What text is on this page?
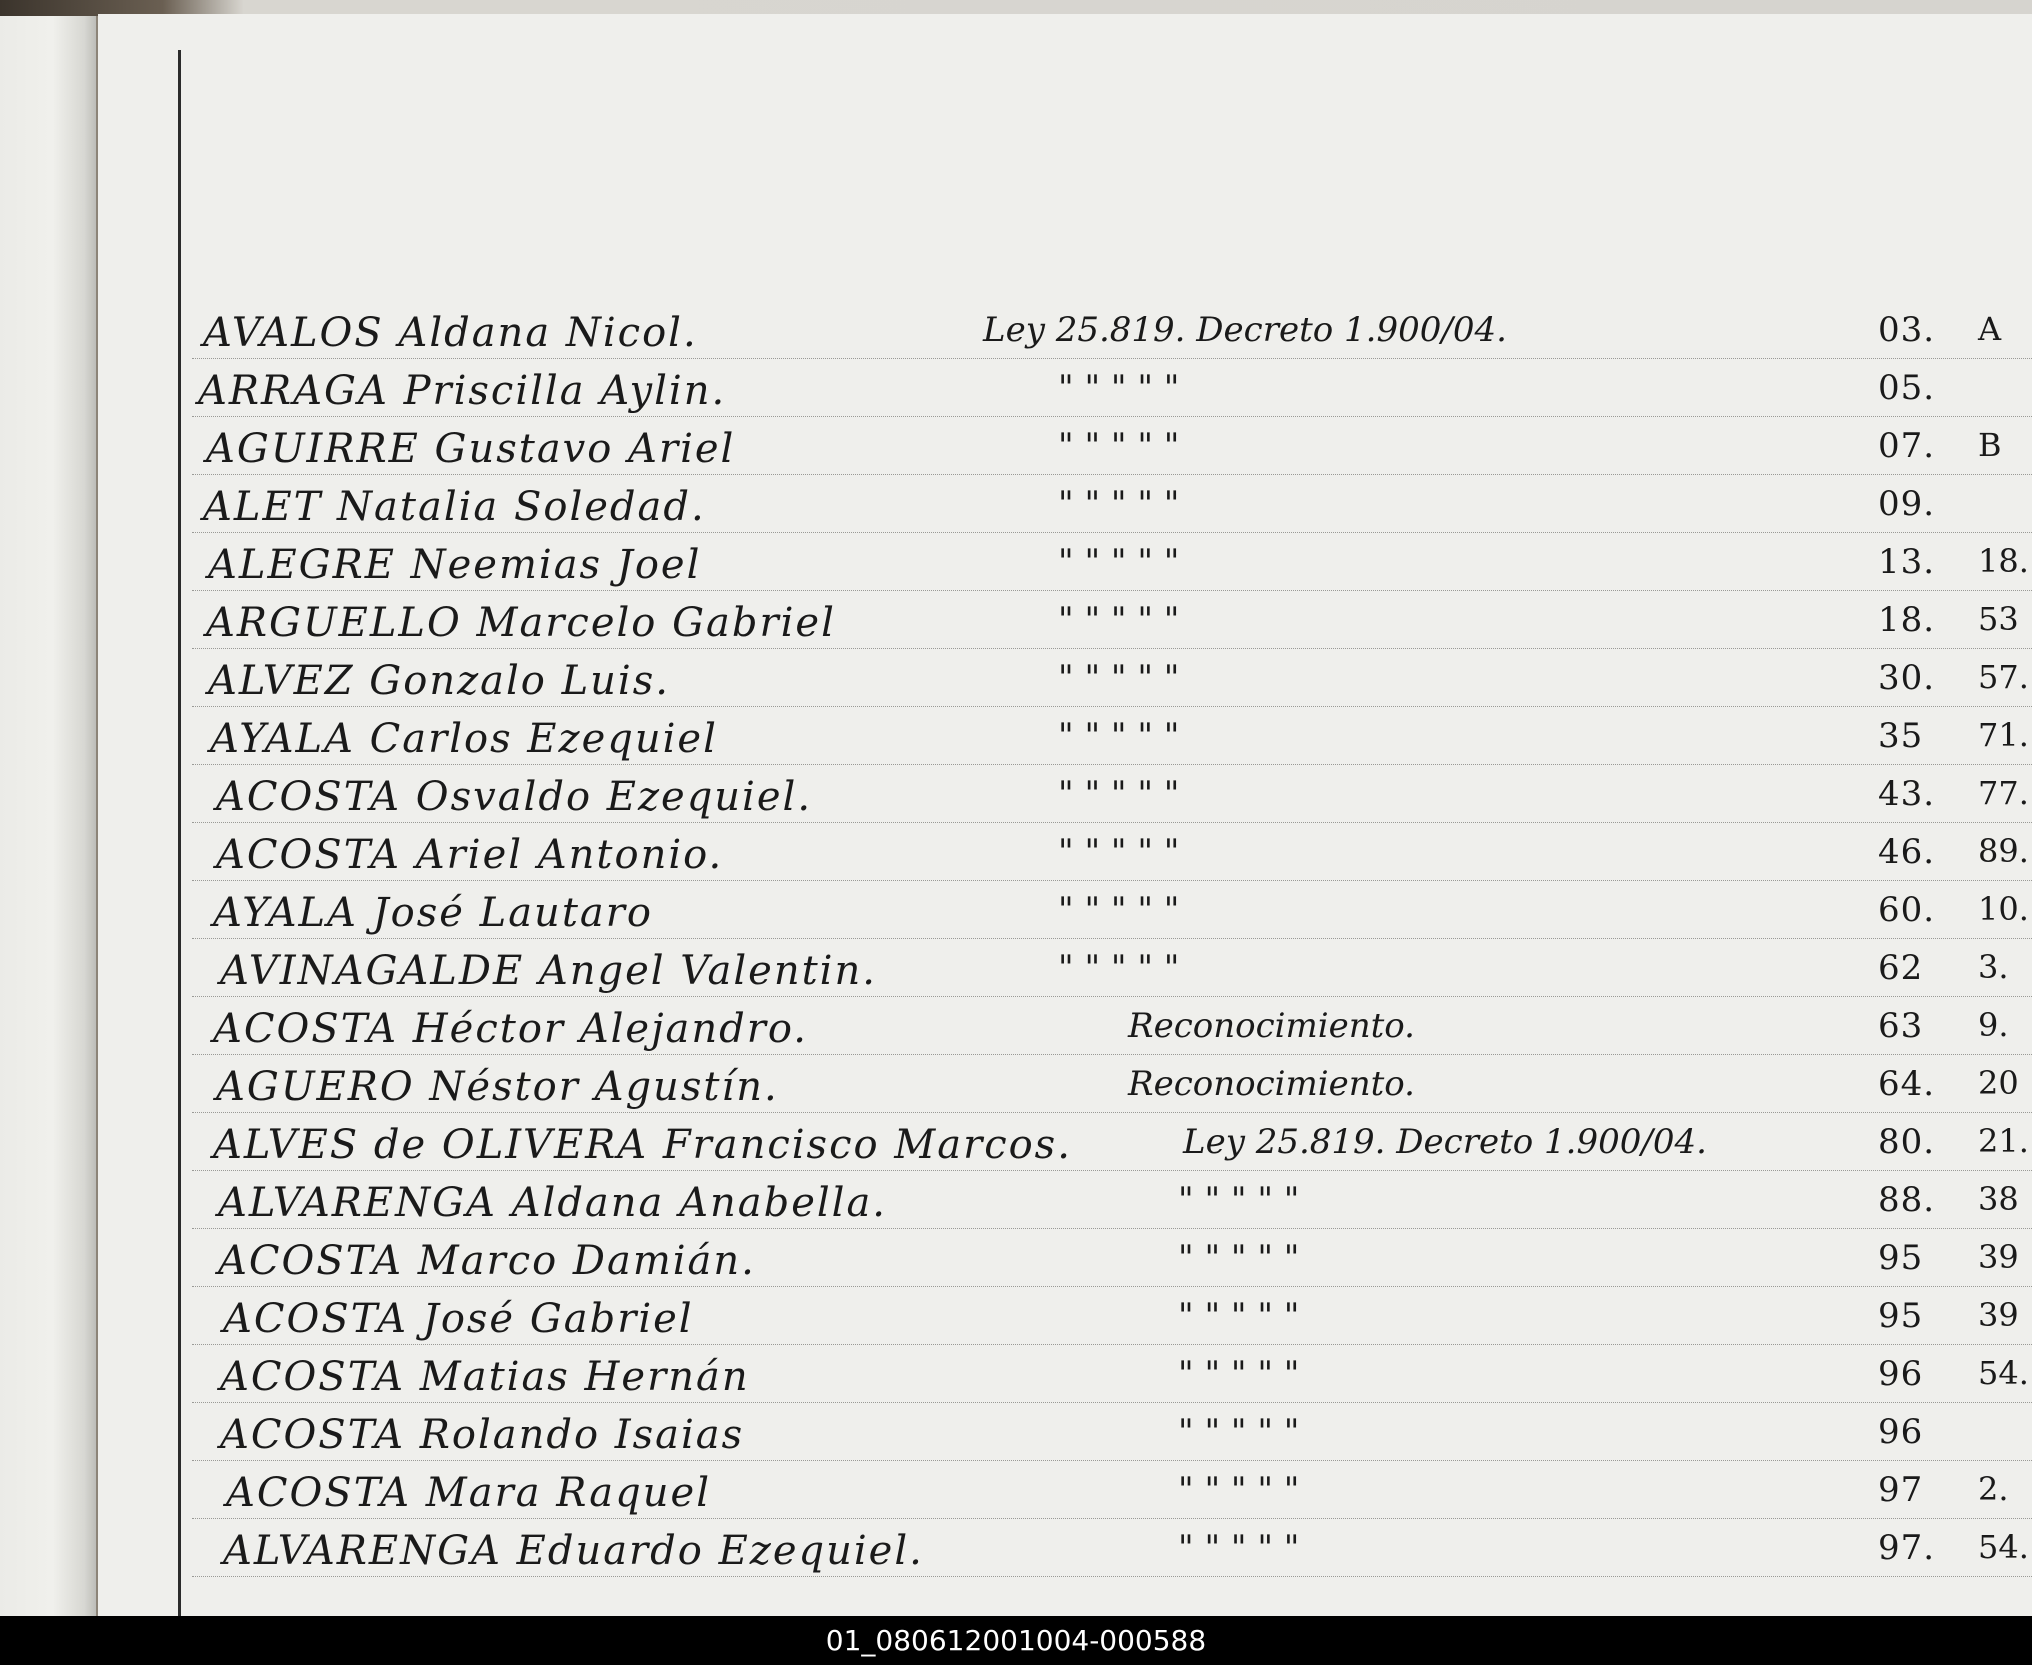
AVALOS Aldana Nicol.	Ley 25.819. Decreto 1.900/04.	03. A
ARRAGA Priscilla Aylin.	" " " " "	05.
AGUIRRE Gustavo Ariel	" " " " "	07. B
ALET Natalia Soledad.	" " " " "	09.
ALEGRE Neemias Joel	" " " " "	13. 18.
ARGUELLO Marcelo Gabriel	" " " " "	18. 53
ALVEZ Gonzalo Luis.	" " " " "	30. 57.
AYALA Carlos Ezequiel	" " " " "	35 71.
ACOSTA Osvaldo Ezequiel.	" " " " "	43. 77.
ACOSTA Ariel Antonio.	" " " " "	46. 89.
AYALA José Lautaro	" " " " "	60. 10.
AVINAGALDE Angel Valentin.	" " " " "	62 3.
ACOSTA Héctor Alejandro.	Reconocimiento.	63 9.
AGUERO Néstor Agustín.	Reconocimiento.	64. 20
ALVES de OLIVERA Francisco Marcos.	Ley 25.819. Decreto 1.900/04.	80. 21.
ALVARENGA Aldana Anabella.	" " " " "	88. 38
ACOSTA Marco Damián.	" " " " "	95 39
ACOSTA José Gabriel	" " " " "	95 39
ACOSTA Matias Hernán	" " " " "	96 54.
ACOSTA Rolando Isaias	" " " " "	96
ACOSTA Mara Raquel	" " " " "	97 2.
ALVARENGA Eduardo Ezequiel.	" " " " "	97. 54.
01_080612001004-000588
